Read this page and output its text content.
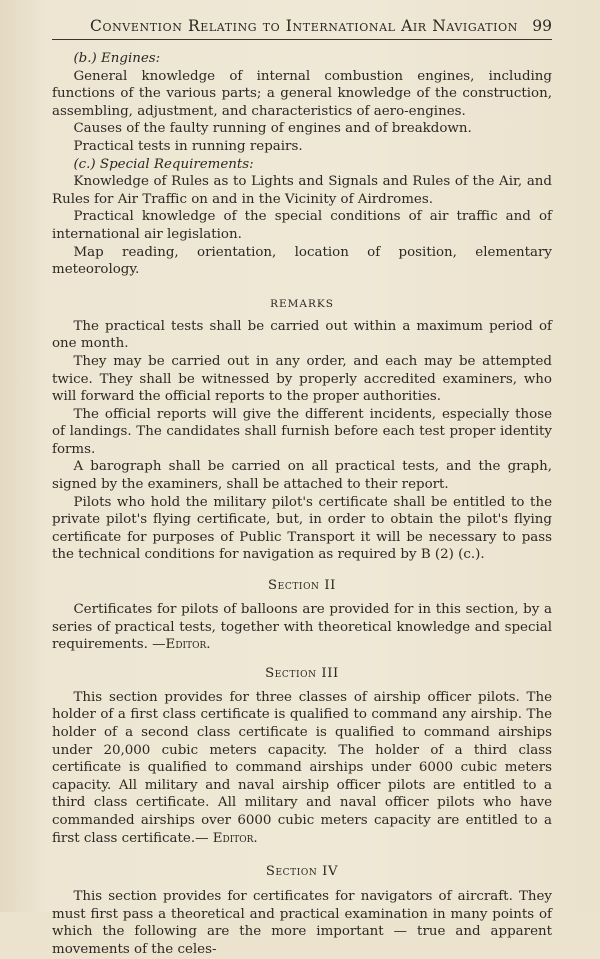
Convention Relating to International Air Navigation 99

(b.) Engines:

General knowledge of internal combustion engines, including functions of the various parts; a general knowledge of the construction, assembling, adjustment, and characteristics of aero-engines.

Causes of the faulty running of engines and of breakdown.

Practical tests in running repairs.

(c.) Special Requirements:

Knowledge of Rules as to Lights and Signals and Rules of the Air, and Rules for Air Traffic on and in the Vicinity of Airdromes.

Practical knowledge of the special conditions of air traffic and of international air legislation.

Map reading, orientation, location of position, elementary meteorology.

REMARKS

The practical tests shall be carried out within a maximum period of one month.

They may be carried out in any order, and each may be attempted twice. They shall be witnessed by properly accredited examiners, who will forward the official reports to the proper authorities.

The official reports will give the different incidents, especially those of landings. The candidates shall furnish before each test proper identity forms.

A barograph shall be carried on all practical tests, and the graph, signed by the examiners, shall be attached to their report.

Pilots who hold the military pilot's certificate shall be entitled to the private pilot's flying certificate, but, in order to obtain the pilot's flying certificate for purposes of Public Transport it will be necessary to pass the technical conditions for navigation as required by B (2) (c.).

Section II

Certificates for pilots of balloons are provided for in this section, by a series of practical tests, together with theoretical knowledge and special requirements. —Editor.

Section III

This section provides for three classes of airship officer pilots. The holder of a first class certificate is qualified to command any airship. The holder of a second class certificate is qualified to command airships under 20,000 cubic meters capacity. The holder of a third class certificate is qualified to command airships under 6000 cubic meters capacity. All military and naval airship officer pilots are entitled to a third class certificate. All military and naval officer pilots who have commanded airships over 6000 cubic meters capacity are entitled to a first class certificate.— Editor.

Section IV

This section provides for certificates for navigators of aircraft. They must first pass a theoretical and practical examination in many points of which the following are the more important — true and apparent movements of the celes-
